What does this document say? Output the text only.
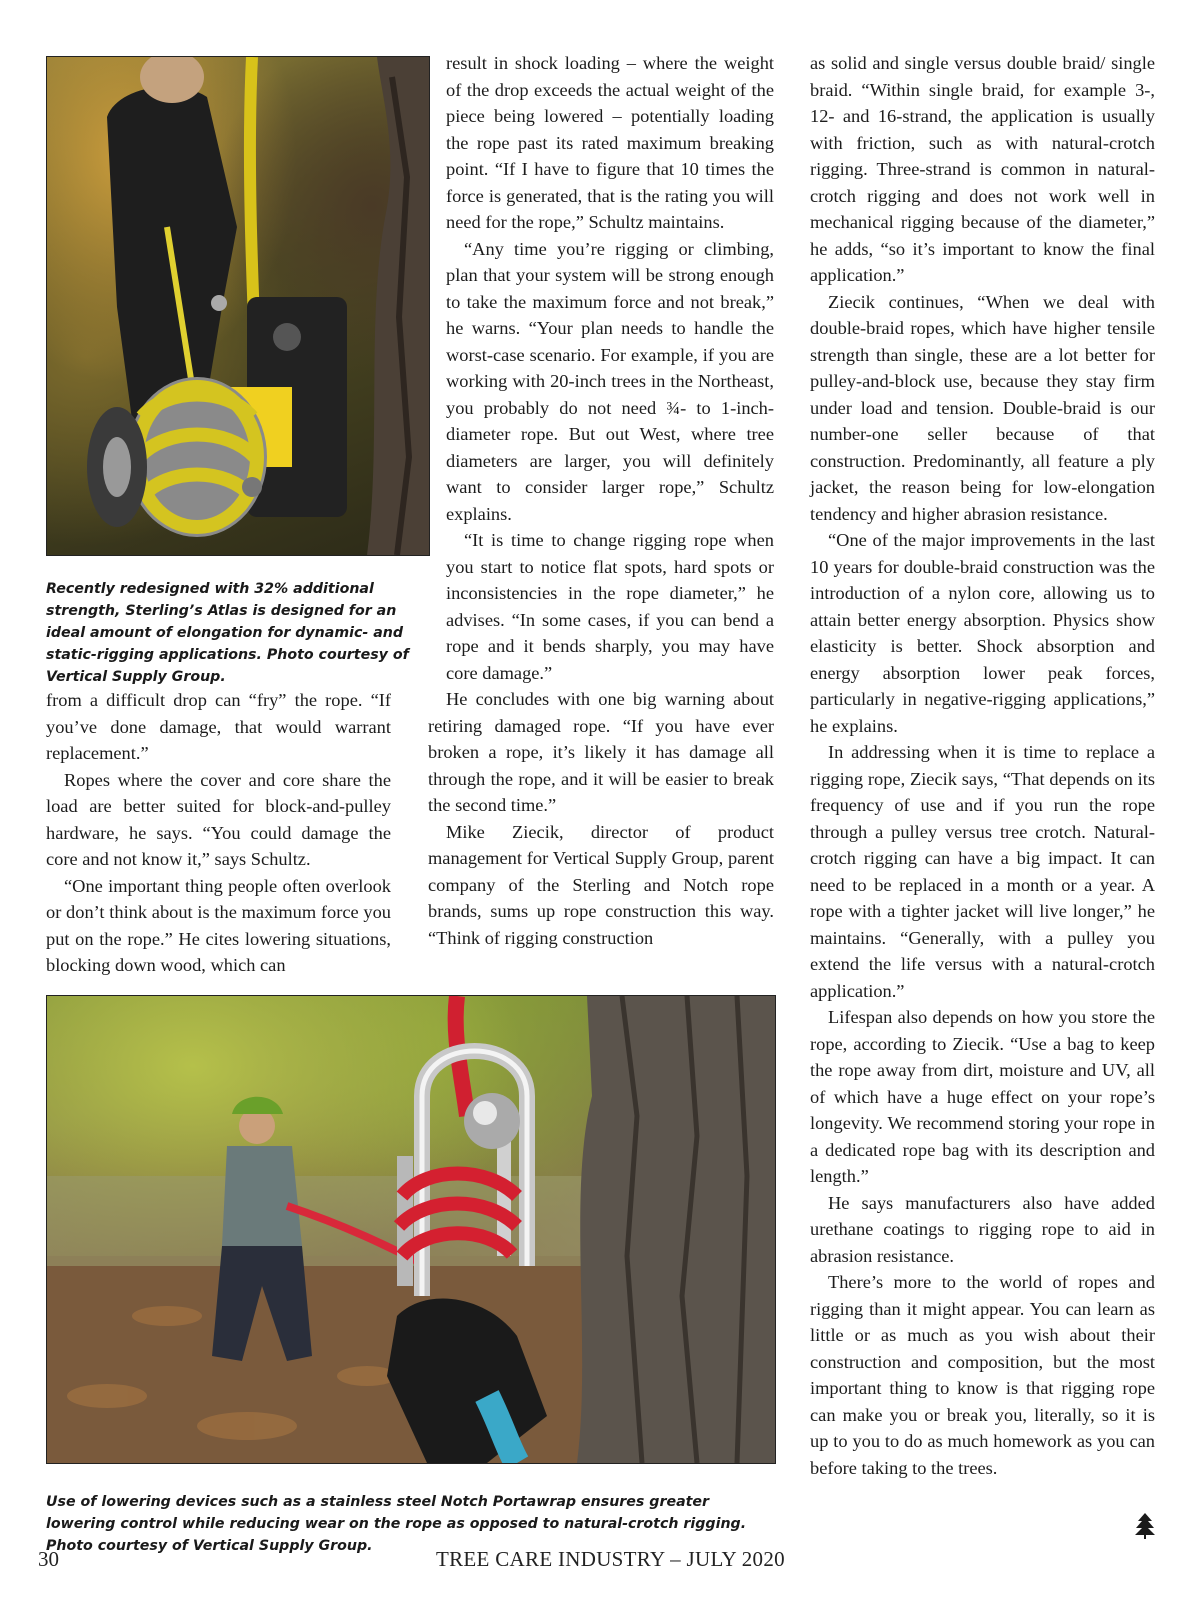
Recently redesigned with 32% additional strength, Sterling’s Atlas is designed for an ideal amount of elongation for dynamic- and static-rigging applications. Photo courtesy of Vertical Supply Group.

from a difficult drop can “fry” the rope. “If you’ve done damage, that would warrant replacement.”

Ropes where the cover and core share the load are better suited for block-and-pulley hardware, he says. “You could damage the core and not know it,” says Schultz.

“One important thing people often overlook or don’t think about is the maximum force you put on the rope.” He cites lowering situations, blocking down wood, which can

result in shock loading – where the weight of the drop exceeds the actual weight of the piece being lowered – potentially loading the rope past its rated maximum breaking point. “If I have to figure that 10 times the force is generated, that is the rating you will need for the rope,” Schultz maintains.

“Any time you’re rigging or climbing, plan that your system will be strong enough to take the maximum force and not break,” he warns. “Your plan needs to handle the worst-case scenario. For example, if you are working with 20-inch trees in the Northeast, you probably do not need ¾- to 1-inch-diameter rope. But out West, where tree diameters are larger, you will definitely want to consider larger rope,” Schultz explains.

“It is time to change rigging rope when you start to notice flat spots, hard spots or inconsistencies in the rope diameter,” he advises. “In some cases, if you can bend a rope and it bends sharply, you may have core damage.”

He concludes with one big warning about retiring damaged rope. “If you have ever broken a rope, it’s likely it has damage all through the rope, and it will be easier to break the second time.”

Mike Ziecik, director of product management for Vertical Supply Group, parent company of the Sterling and Notch rope brands, sums up rope construction this way. “Think of rigging construction

as solid and single versus double braid/ single braid. “Within single braid, for example 3-, 12- and 16-strand, the application is usually with friction, such as with natural-crotch rigging. Three-strand is common in natural-crotch rigging and does not work well in mechanical rigging because of the diameter,” he adds, “so it’s important to know the final application.”

Ziecik continues, “When we deal with double-braid ropes, which have higher tensile strength than single, these are a lot better for pulley-and-block use, because they stay firm under load and tension. Double-braid is our number-one seller because of that construction. Predominantly, all feature a ply jacket, the reason being for low-elongation tendency and higher abrasion resistance.

“One of the major improvements in the last 10 years for double-braid construction was the introduction of a nylon core, allowing us to attain better energy absorption. Physics show elasticity is better. Shock absorption and energy absorption lower peak forces, particularly in negative-rigging applications,” he explains.

In addressing when it is time to replace a rigging rope, Ziecik says, “That depends on its frequency of use and if you run the rope through a pulley versus tree crotch. Natural-crotch rigging can have a big impact. It can need to be replaced in a month or a year. A rope with a tighter jacket will live longer,” he maintains. “Generally, with a pulley you extend the life versus with a natural-crotch application.”

Lifespan also depends on how you store the rope, according to Ziecik. “Use a bag to keep the rope away from dirt, moisture and UV, all of which have a huge effect on your rope’s longevity. We recommend storing your rope in a dedicated rope bag with its description and length.”

He says manufacturers also have added urethane coatings to rigging rope to aid in abrasion resistance.

There’s more to the world of ropes and rigging than it might appear. You can learn as little or as much as you wish about their construction and composition, but the most important thing to know is that rigging rope can make you or break you, literally, so it is up to you to do as much homework as you can before taking to the trees.

Use of lowering devices such as a stainless steel Notch Portawrap ensures greater lowering control while reducing wear on the rope as opposed to natural-crotch rigging. Photo courtesy of Vertical Supply Group.
30	TREE CARE INDUSTRY – JULY 2020
